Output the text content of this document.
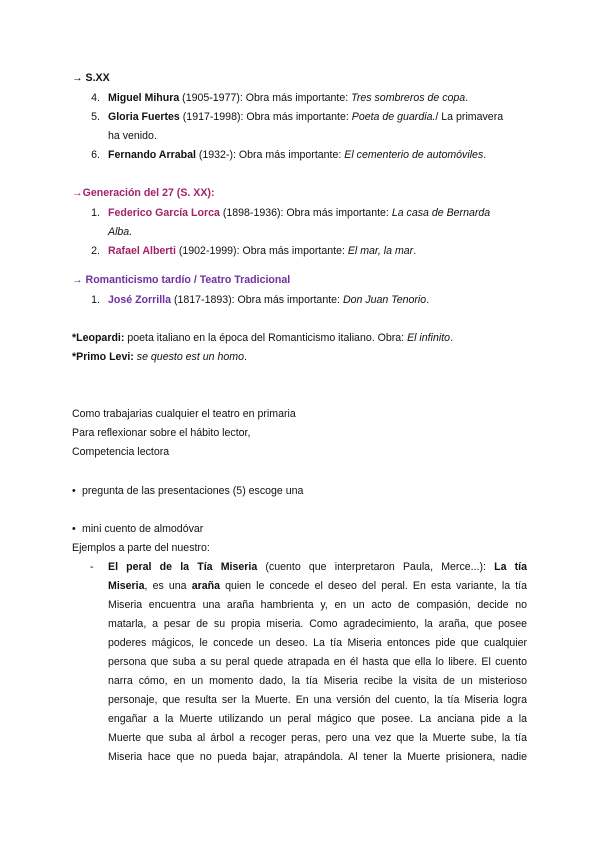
→ S.XX
4. Miguel Mihura (1905-1977): Obra más importante: Tres sombreros de copa.
5. Gloria Fuertes (1917-1998): Obra más importante: Poeta de guardia./ La primavera
ha venido.
6. Fernando Arrabal (1932-): Obra más importante: El cementerio de automóviles.
→Generación del 27 (S. XX):
1. Federico García Lorca (1898-1936): Obra más importante: La casa de Bernarda
Alba.
2. Rafael Alberti (1902-1999): Obra más importante: El mar, la mar.
→ Romanticismo tardío / Teatro Tradicional
1. José Zorrilla (1817-1893): Obra más importante: Don Juan Tenorio.
*Leopardi: poeta italiano en la época del Romanticismo italiano. Obra: El infinito.
*Primo Levi: se questo est un homo.
Como trabajarias cualquier el teatro en primaria
Para reflexionar sobre el hábito lector,
Competencia lectora
• pregunta de las presentaciones (5) escoge una
• mini cuento de almodóvar
Ejemplos a parte del nuestro:
- El peral de la Tía Miseria (cuento que interpretaron Paula, Merce...): La tía
Miseria, es una araña quien le concede el deseo del peral. En esta variante, la tía
Miseria encuentra una araña hambrienta y, en un acto de compasión, decide no
matarla, a pesar de su propia miseria. Como agradecimiento, la araña, que posee
poderes mágicos, le concede un deseo. La tía Miseria entonces pide que cualquier
persona que suba a su peral quede atrapada en él hasta que ella lo libere. El cuento
narra cómo, en un momento dado, la tía Miseria recibe la visita de un misterioso
personaje, que resulta ser la Muerte. En una versión del cuento, la tía Miseria logra
engañar a la Muerte utilizando un peral mágico que posee. La anciana pide a la
Muerte que suba al árbol a recoger peras, pero una vez que la Muerte sube, la tía
Miseria hace que no pueda bajar, atrapándola. Al tener la Muerte prisionera, nadie
